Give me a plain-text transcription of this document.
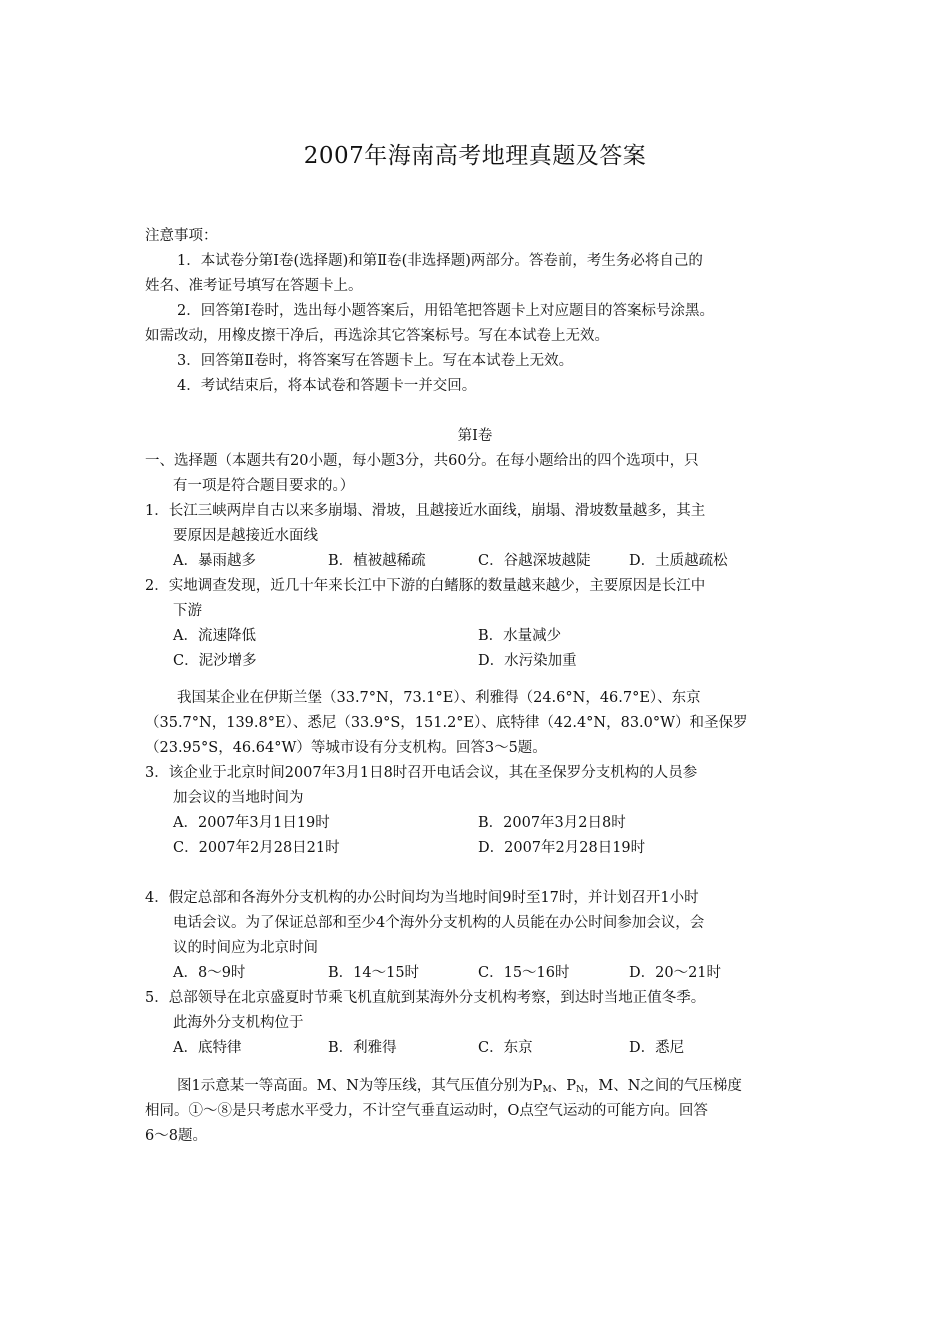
2007年海南高考地理真题及答案
注意事项：
1．本试卷分第Ⅰ卷(选择题)和第Ⅱ卷(非选择题)两部分。答卷前，考生务必将自己的
姓名、准考证号填写在答题卡上。
2．回答第Ⅰ卷时，选出每小题答案后，用铅笔把答题卡上对应题目的答案标号涂黑。
如需改动，用橡皮擦干净后，再选涂其它答案标号。写在本试卷上无效。
3．回答第Ⅱ卷时，将答案写在答题卡上。写在本试卷上无效。
4．考试结束后，将本试卷和答题卡一并交回。
第Ⅰ卷
一、选择题（本题共有20小题，每小题3分，共60分。在每小题给出的四个选项中，只
有一项是符合题目要求的。）
1．长江三峡两岸自古以来多崩塌、滑坡，且越接近水面线，崩塌、滑坡数量越多，其主
要原因是越接近水面线
A．暴雨越多	B．植被越稀疏	C．谷越深坡越陡	D．土质越疏松
2．实地调查发现，近几十年来长江中下游的白鳍豚的数量越来越少，主要原因是长江中
下游
A．流速降低	B．水量减少
C．泥沙增多	D．水污染加重
我国某企业在伊斯兰堡（33.7°N，73.1°E）、利雅得（24.6°N，46.7°E）、东京
（35.7°N，139.8°E）、悉尼（33.9°S，151.2°E）、底特律（42.4°N，83.0°W）和圣保罗
（23.95°S，46.64°W）等城市设有分支机构。回答3～5题。
3．该企业于北京时间2007年3月1日8时召开电话会议，其在圣保罗分支机构的人员参
加会议的当地时间为
A．2007年3月1日19时	B．2007年3月2日8时
C．2007年2月28日21时	D．2007年2月28日19时
4．假定总部和各海外分支机构的办公时间均为当地时间9时至17时，并计划召开1小时
电话会议。为了保证总部和至少4个海外分支机构的人员能在办公时间参加会议，会
议的时间应为北京时间
A．8～9时	B．14～15时	C．15～16时	D．20～21时
5．总部领导在北京盛夏时节乘飞机直航到某海外分支机构考察，到达时当地正值冬季。
此海外分支机构位于
A．底特律	B．利雅得	C．东京	D．悉尼
图1示意某一等高面。M、N为等压线，其气压值分别为$P_M$、$P_N$，M、N之间的气压梯度
相同。①～⑧是只考虑水平受力，不计空气垂直运动时，O点空气运动的可能方向。回答
6～8题。
